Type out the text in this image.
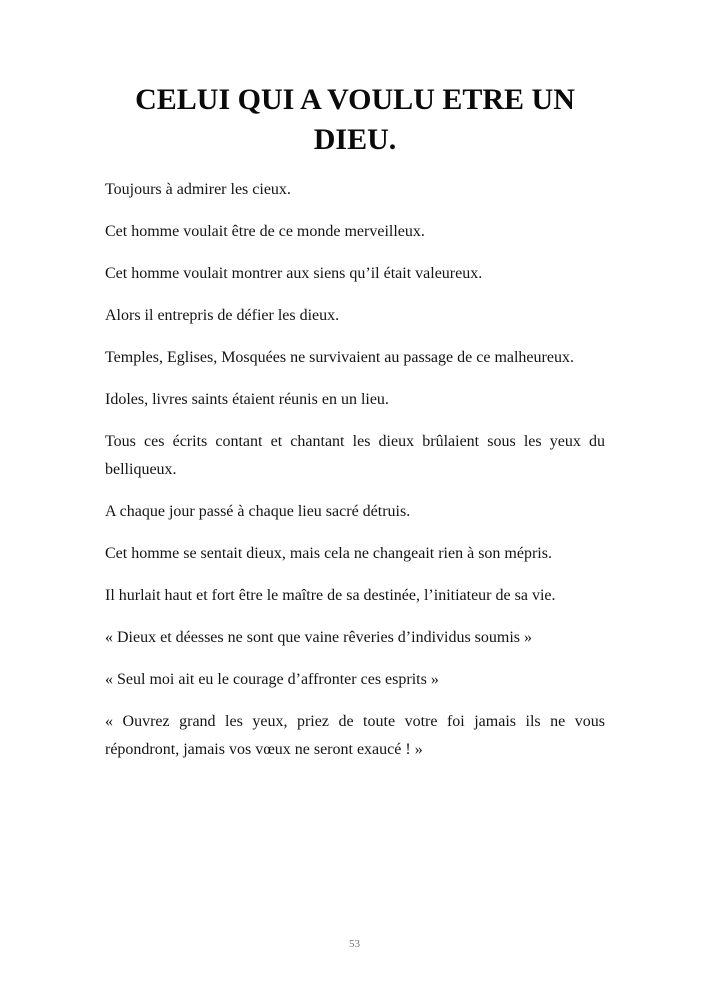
CELUI QUI A VOULU ETRE UN DIEU.

Toujours à admirer les cieux.

Cet homme voulait être de ce monde merveilleux.

Cet homme voulait montrer aux siens qu’il était valeureux.

Alors il entrepris de défier les dieux.

Temples, Eglises, Mosquées ne survivaient au passage de ce malheureux.

Idoles, livres saints étaient réunis en un lieu.

Tous ces écrits contant et chantant les dieux brûlaient sous les yeux du belliqueux.

A chaque jour passé à chaque lieu sacré détruis.

Cet homme se sentait dieux, mais cela ne changeait rien à son mépris.

Il hurlait haut et fort être le maître de sa destinée, l’initiateur de sa vie.

« Dieux et déesses ne sont que vaine rêveries d’individus soumis »

« Seul moi ait eu le courage d’affronter ces esprits »

« Ouvrez grand les yeux, priez de toute votre foi jamais ils ne vous répondront, jamais vos vœux ne seront exaucé ! »

53
